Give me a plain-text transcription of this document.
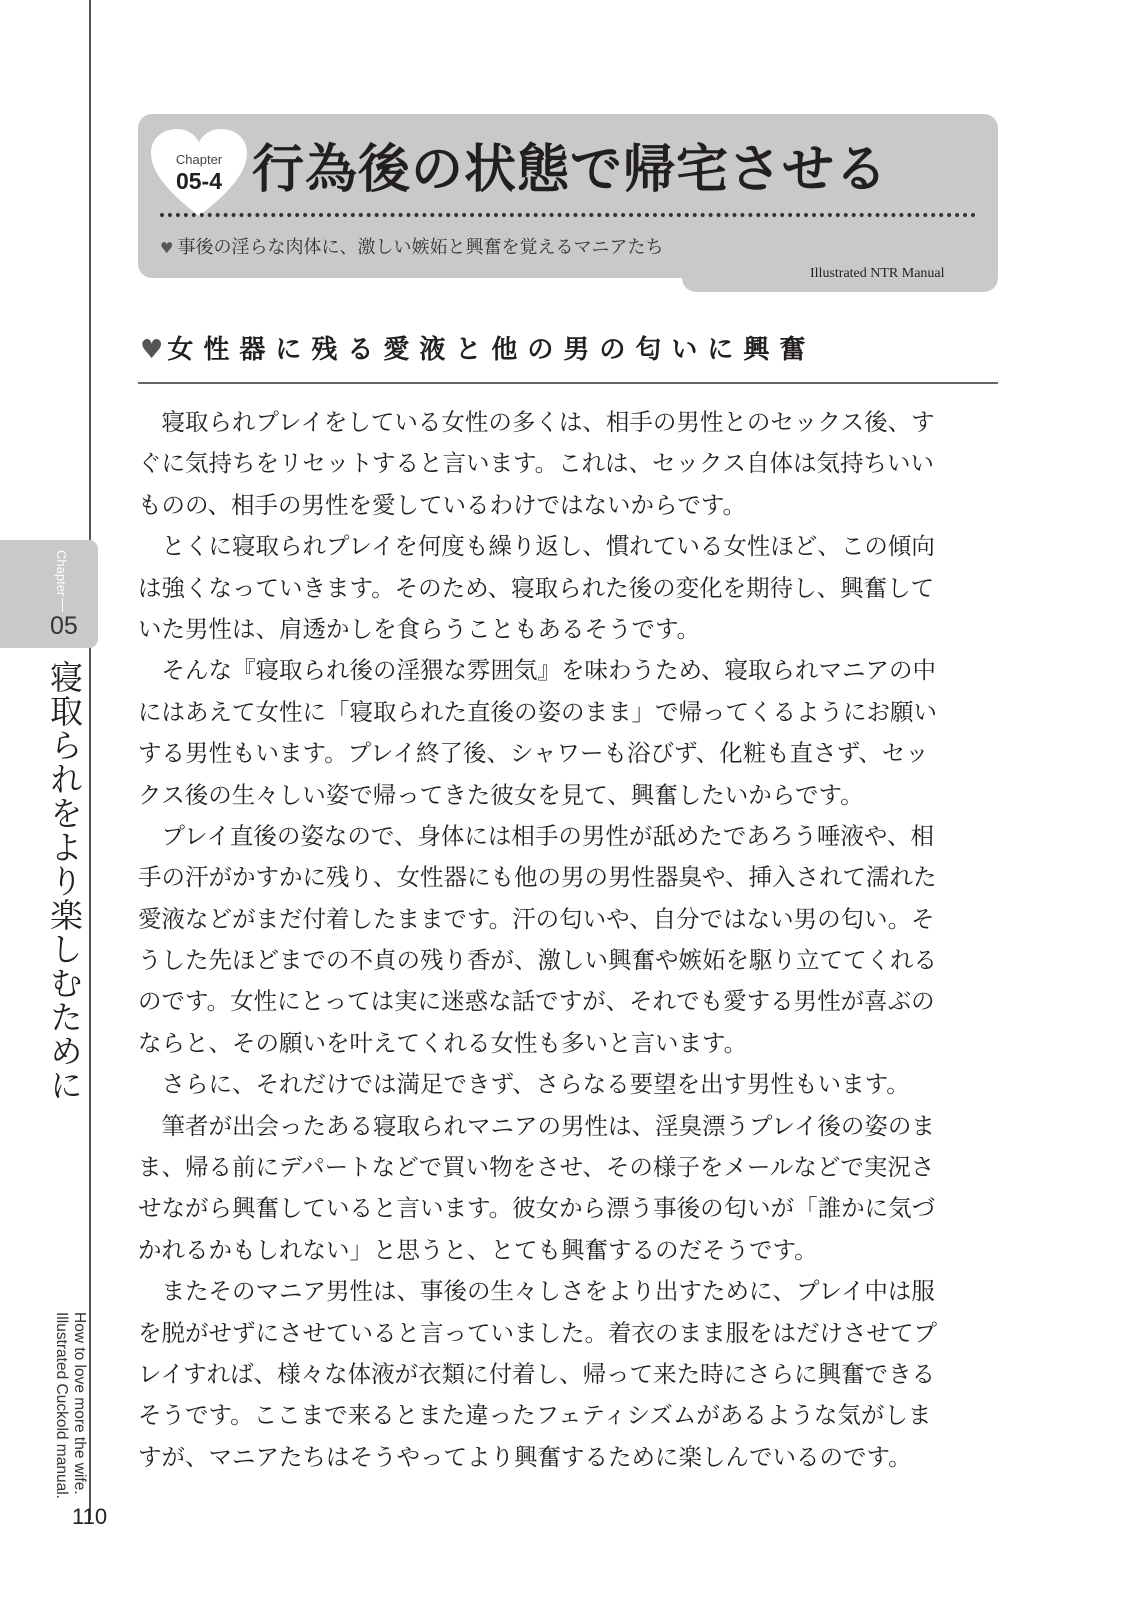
Chapter
05
寝取られをより楽しむために
How to love more the wife.
Illustrated Cuckold manual.
110
Chapter
05-4 行為後の状態で帰宅させる
♥ 事後の淫らな肉体に、激しい嫉妬と興奮を覚えるマニアたち
Illustrated NTR Manual
♥ 女性器に残る愛液と他の男の匂いに興奮
　寝取られプレイをしている女性の多くは、相手の男性とのセックス後、す
ぐに気持ちをリセットすると言います。これは、セックス自体は気持ちいい
ものの、相手の男性を愛しているわけではないからです。
　とくに寝取られプレイを何度も繰り返し、慣れている女性ほど、この傾向
は強くなっていきます。そのため、寝取られた後の変化を期待し、興奮して
いた男性は、肩透かしを食らうこともあるそうです。
　そんな『寝取られ後の淫猥な雰囲気』を味わうため、寝取られマニアの中
にはあえて女性に「寝取られた直後の姿のまま」で帰ってくるようにお願い
する男性もいます。プレイ終了後、シャワーも浴びず、化粧も直さず、セッ
クス後の生々しい姿で帰ってきた彼女を見て、興奮したいからです。
　プレイ直後の姿なので、身体には相手の男性が舐めたであろう唾液や、相
手の汗がかすかに残り、女性器にも他の男の男性器臭や、挿入されて濡れた
愛液などがまだ付着したままです。汗の匂いや、自分ではない男の匂い。そ
うした先ほどまでの不貞の残り香が、激しい興奮や嫉妬を駆り立ててくれる
のです。女性にとっては実に迷惑な話ですが、それでも愛する男性が喜ぶの
ならと、その願いを叶えてくれる女性も多いと言います。
　さらに、それだけでは満足できず、さらなる要望を出す男性もいます。
　筆者が出会ったある寝取られマニアの男性は、淫臭漂うプレイ後の姿のま
ま、帰る前にデパートなどで買い物をさせ、その様子をメールなどで実況さ
せながら興奮していると言います。彼女から漂う事後の匂いが「誰かに気づ
かれるかもしれない」と思うと、とても興奮するのだそうです。
　またそのマニア男性は、事後の生々しさをより出すために、プレイ中は服
を脱がせずにさせていると言っていました。着衣のまま服をはだけさせてプ
レイすれば、様々な体液が衣類に付着し、帰って来た時にさらに興奮できる
そうです。ここまで来るとまた違ったフェティシズムがあるような気がしま
すが、マニアたちはそうやってより興奮するために楽しんでいるのです。
